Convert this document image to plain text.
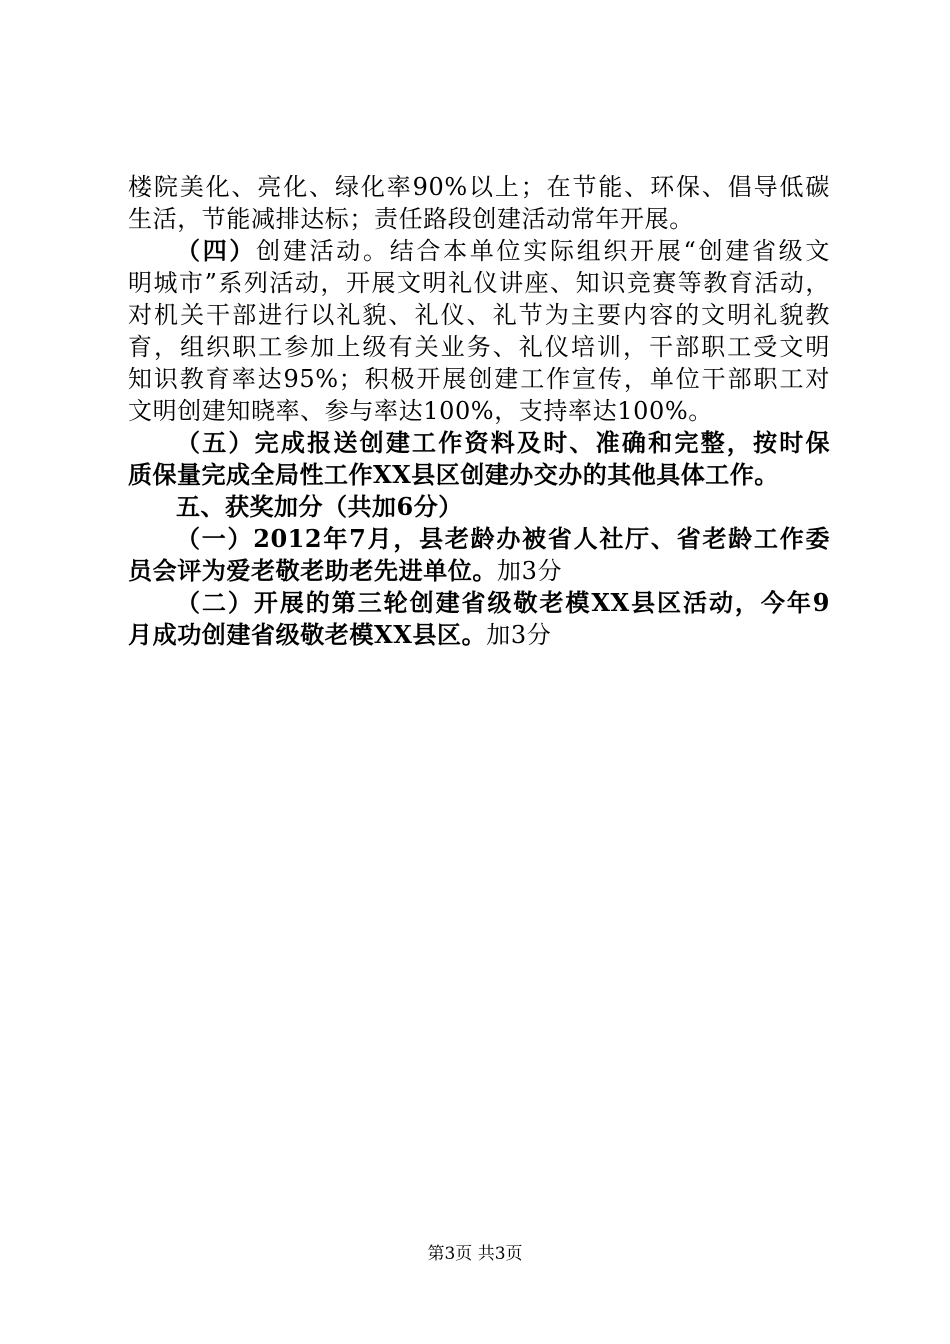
楼院美化、亮化、绿化率90%以上；在节能、环保、倡导低碳
生活，节能减排达标；责任路段创建活动常年开展。
（四）创建活动。结合本单位实际组织开展“创建省级文
明城市”系列活动，开展文明礼仪讲座、知识竞赛等教育活动，
对机关干部进行以礼貌、礼仪、礼节为主要内容的文明礼貌教
育，组织职工参加上级有关业务、礼仪培训，干部职工受文明
知识教育率达95%；积极开展创建工作宣传，单位干部职工对
文明创建知晓率、参与率达100%，支持率达100%。
（五）完成报送创建工作资料及时、准确和完整，按时保
质保量完成全局性工作XX县区创建办交办的其他具体工作。
五、获奖加分（共加6分）
（一）2012年7月，县老龄办被省人社厅、省老龄工作委
员会评为爱老敬老助老先进单位。加3分
（二）开展的第三轮创建省级敬老模XX县区活动，今年9
月成功创建省级敬老模XX县区。加3分
第3页 共3页
